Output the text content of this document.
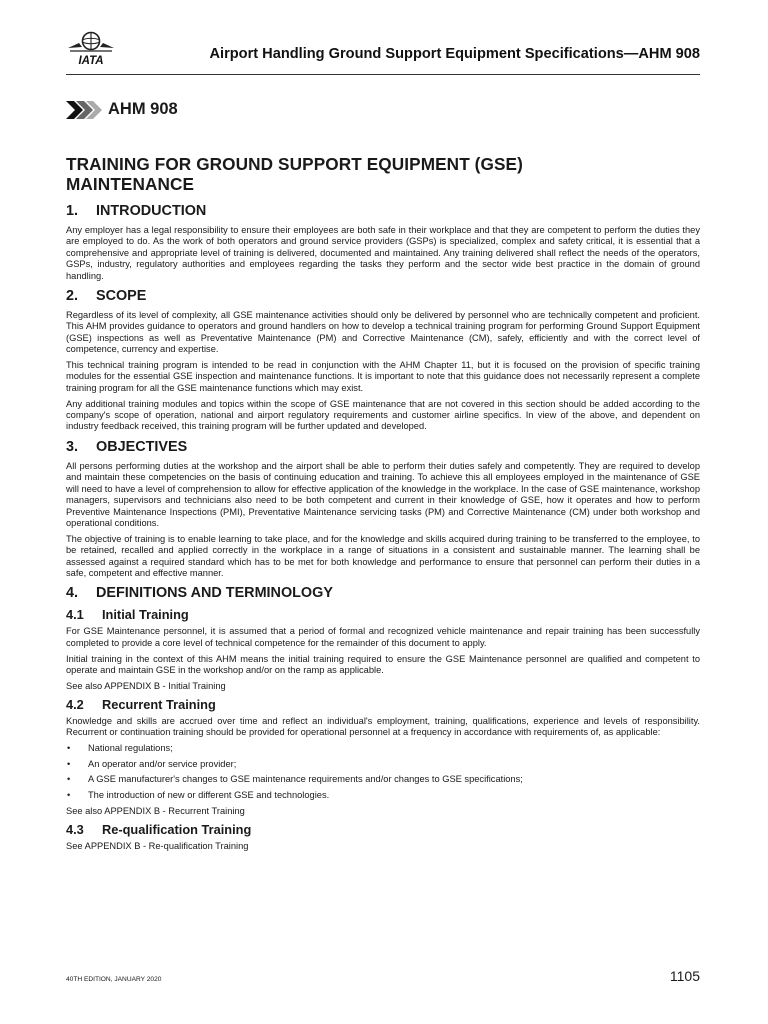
IATA	Airport Handling Ground Support Equipment Specifications—AHM 908
AHM 908
TRAINING FOR GROUND SUPPORT EQUIPMENT (GSE)
MAINTENANCE
1. INTRODUCTION

Any employer has a legal responsibility to ensure their employees are both safe in their workplace and that they are competent to perform the duties they are employed to do. As the work of both operators and ground service providers (GSPs) is specialized, complex and safety critical, it is essential that a comprehensive and appropriate level of training is delivered, documented and maintained. Any training delivered shall reflect the needs of the operators, GSPs, industry, regulatory authorities and employees regarding the tasks they perform and the sector wide best practice in the domain of ground handling.

2. SCOPE

Regardless of its level of complexity, all GSE maintenance activities should only be delivered by personnel who are technically competent and proficient. This AHM provides guidance to operators and ground handlers on how to develop a technical training program for performing Ground Support Equipment (GSE) inspections as well as Preventative Maintenance (PM) and Corrective Maintenance (CM), safely, efficiently and with the correct level of competence, currency and expertise.

This technical training program is intended to be read in conjunction with the AHM Chapter 11, but it is focused on the provision of specific training modules for the essential GSE inspection and maintenance functions. It is important to note that this guidance does not necessarily represent a complete training program for all the GSE maintenance functions which may exist.

Any additional training modules and topics within the scope of GSE maintenance that are not covered in this section should be added according to the company's scope of operation, national and airport regulatory requirements and customer airline specifics. In view of the above, and dependent on industry feedback received, this training program will be further updated and developed.

3. OBJECTIVES

All persons performing duties at the workshop and the airport shall be able to perform their duties safely and competently. They are required to develop and maintain these competencies on the basis of continuing education and training. To achieve this all employees employed in the maintenance of GSE will need to have a level of comprehension to allow for effective application of the knowledge in the workplace. In the case of GSE maintenance, workshop managers, supervisors and technicians also need to be both competent and current in their knowledge of GSE, how it operates and how to perform Preventive Maintenance Inspections (PMI), Preventative Maintenance servicing tasks (PM) and Corrective Maintenance (CM) under both workshop and operational conditions.

The objective of training is to enable learning to take place, and for the knowledge and skills acquired during training to be transferred to the employee, to be retained, recalled and applied correctly in the workplace in a range of situations in a consistent and sustainable manner. The learning shall be assessed against a required standard which has to be met for both knowledge and performance to ensure that personnel can perform their duties in a safe, competent and effective manner.

4. DEFINITIONS AND TERMINOLOGY
4.1 Initial Training

For GSE Maintenance personnel, it is assumed that a period of formal and recognized vehicle maintenance and repair training has been successfully completed to provide a core level of technical competence for the remainder of this document to apply.

Initial training in the context of this AHM means the initial training required to ensure the GSE Maintenance personnel are qualified and competent to operate and maintain GSE in the workshop and/or on the ramp as applicable.

See also APPENDIX B - Initial Training

4.2 Recurrent Training

Knowledge and skills are accrued over time and reflect an individual's employment, training, qualifications, experience and levels of responsibility. Recurrent or continuation training should be provided for operational personnel at a frequency in accordance with requirements of, as applicable:

• National regulations;
• An operator and/or service provider;
• A GSE manufacturer's changes to GSE maintenance requirements and/or changes to GSE specifications;
• The introduction of new or different GSE and technologies.

See also APPENDIX B - Recurrent Training

4.3 Re-qualification Training

See APPENDIX B - Re-qualification Training

40TH EDITION, JANUARY 2020	1105
